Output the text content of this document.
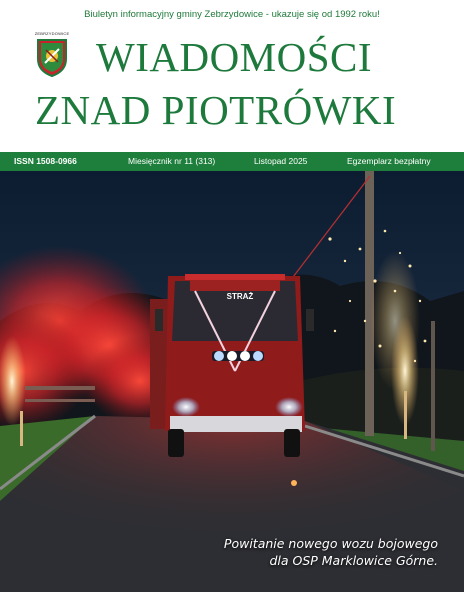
Biuletyn informacyjny gminy Zebrzydowice - ukazuje się od 1992 roku!
ZEBRZYDOWICE
WIADOMOŚCI
ZNAD PIOTRÓWKI
ISSN 1508-0966	Miesięcznik nr 11 (313)	Listopad 2025	Egzemplarz bezpłatny
STRAŻ
Powitanie nowego wozu bojowego
dla OSP Marklowice Górne.
